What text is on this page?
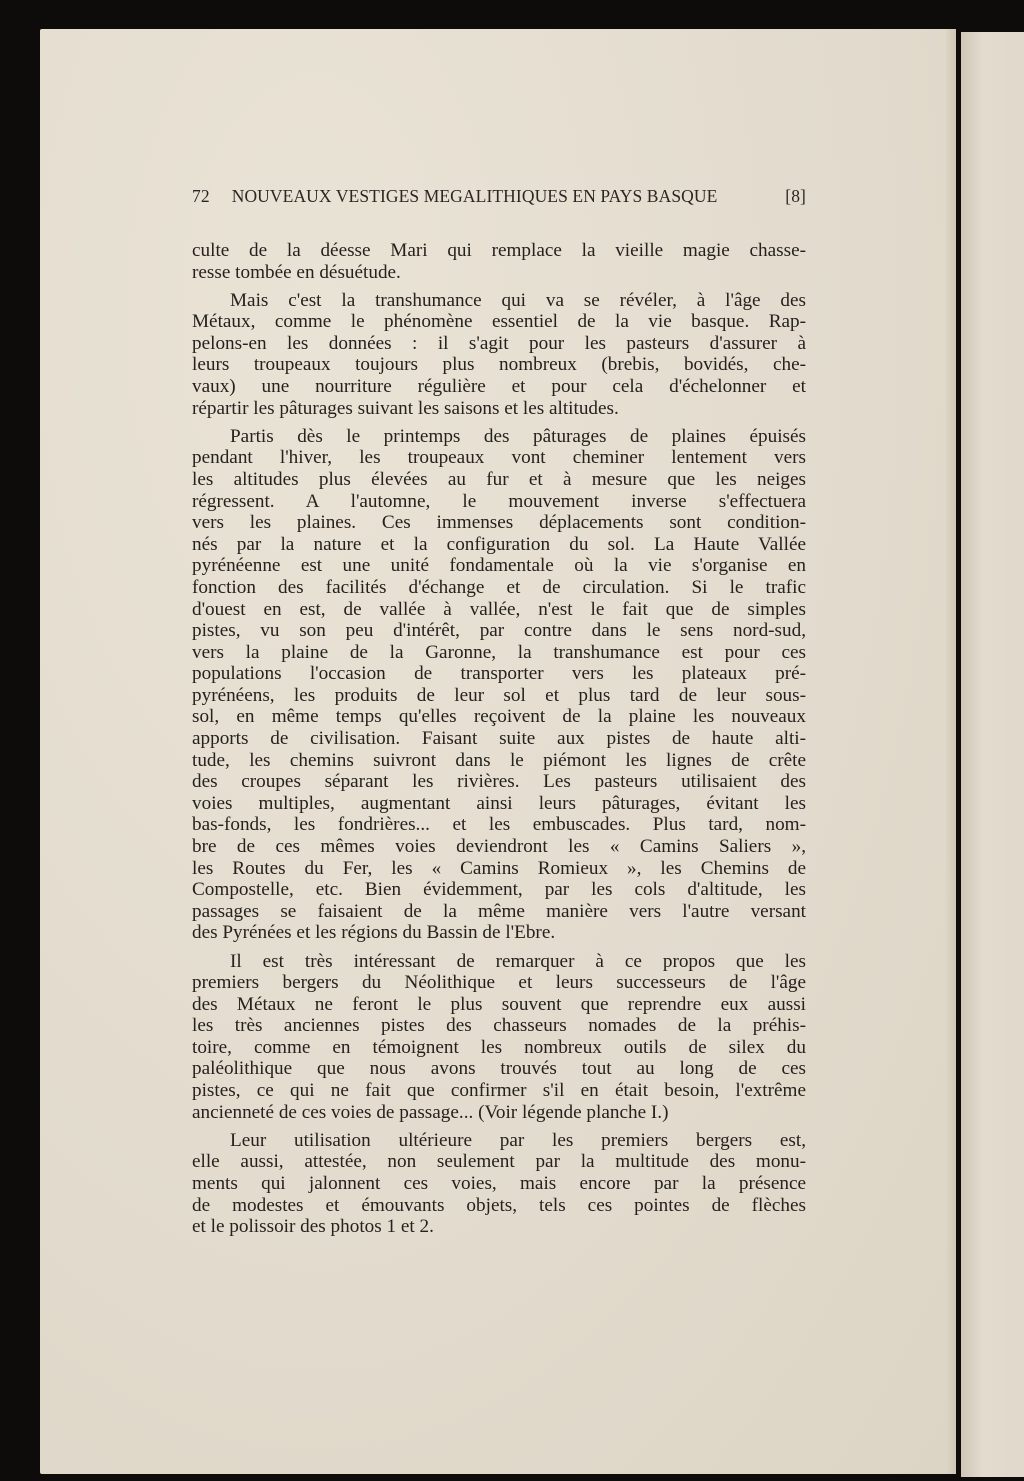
72 NOUVEAUX VESTIGES MEGALITHIQUES EN PAYS BASQUE	[8]
culte de la déesse Mari qui remplace la vieille magie chasse-
resse tombée en désuétude.
Mais c'est la transhumance qui va se révéler, à l'âge des
Métaux, comme le phénomène essentiel de la vie basque. Rap-
pelons-en les données : il s'agit pour les pasteurs d'assurer à
leurs troupeaux toujours plus nombreux (brebis, bovidés, che-
vaux) une nourriture régulière et pour cela d'échelonner et
répartir les pâturages suivant les saisons et les altitudes.
Partis dès le printemps des pâturages de plaines épuisés
pendant l'hiver, les troupeaux vont cheminer lentement vers
les altitudes plus élevées au fur et à mesure que les neiges
régressent. A l'automne, le mouvement inverse s'effectuera
vers les plaines. Ces immenses déplacements sont condition-
nés par la nature et la configuration du sol. La Haute Vallée
pyrénéenne est une unité fondamentale où la vie s'organise en
fonction des facilités d'échange et de circulation. Si le trafic
d'ouest en est, de vallée à vallée, n'est le fait que de simples
pistes, vu son peu d'intérêt, par contre dans le sens nord-sud,
vers la plaine de la Garonne, la transhumance est pour ces
populations l'occasion de transporter vers les plateaux pré-
pyrénéens, les produits de leur sol et plus tard de leur sous-
sol, en même temps qu'elles reçoivent de la plaine les nouveaux
apports de civilisation. Faisant suite aux pistes de haute alti-
tude, les chemins suivront dans le piémont les lignes de crête
des croupes séparant les rivières. Les pasteurs utilisaient des
voies multiples, augmentant ainsi leurs pâturages, évitant les
bas-fonds, les fondrières... et les embuscades. Plus tard, nom-
bre de ces mêmes voies deviendront les « Camins Saliers »,
les Routes du Fer, les « Camins Romieux », les Chemins de
Compostelle, etc. Bien évidemment, par les cols d'altitude, les
passages se faisaient de la même manière vers l'autre versant
des Pyrénées et les régions du Bassin de l'Ebre.
Il est très intéressant de remarquer à ce propos que les
premiers bergers du Néolithique et leurs successeurs de l'âge
des Métaux ne feront le plus souvent que reprendre eux aussi
les très anciennes pistes des chasseurs nomades de la préhis-
toire, comme en témoignent les nombreux outils de silex du
paléolithique que nous avons trouvés tout au long de ces
pistes, ce qui ne fait que confirmer s'il en était besoin, l'extrême
ancienneté de ces voies de passage... (Voir légende planche I.)
Leur utilisation ultérieure par les premiers bergers est,
elle aussi, attestée, non seulement par la multitude des monu-
ments qui jalonnent ces voies, mais encore par la présence
de modestes et émouvants objets, tels ces pointes de flèches
et le polissoir des photos 1 et 2.
